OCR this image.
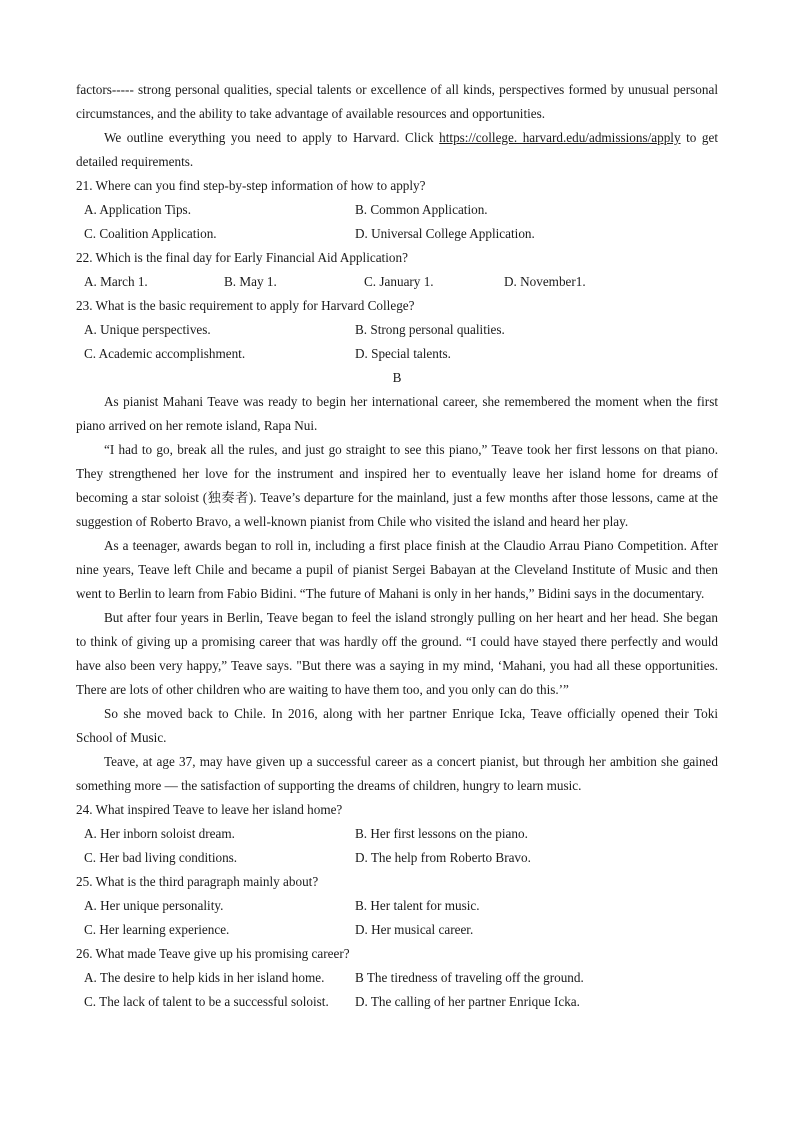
factors----- strong personal qualities, special talents or excellence of all kinds, perspectives formed by unusual personal circumstances, and the ability to take advantage of available resources and opportunities.

We outline everything you need to apply to Harvard. Click https://college. harvard.edu/admissions/apply to get detailed requirements.

21. Where can you find step-by-step information of how to apply?

A. Application Tips.	B. Common Application.
C. Coalition Application.	D. Universal College Application.

22. Which is the final day for Early Financial Aid Application?

A. March 1.	B. May 1.	C. January 1.	D. November1.

23. What is the basic requirement to apply for Harvard College?

A. Unique perspectives.	B. Strong personal qualities.
C. Academic accomplishment.	D. Special talents.

B

As pianist Mahani Teave was ready to begin her international career, she remembered the moment when the first piano arrived on her remote island, Rapa Nui.

“I had to go, break all the rules, and just go straight to see this piano,” Teave took her first lessons on that piano. They strengthened her love for the instrument and inspired her to eventually leave her island home for dreams of becoming a star soloist (独奏者). Teave’s departure for the mainland, just a few months after those lessons, came at the suggestion of Roberto Bravo, a well-known pianist from Chile who visited the island and heard her play.

As a teenager, awards began to roll in, including a first place finish at the Claudio Arrau Piano Competition. After nine years, Teave left Chile and became a pupil of pianist Sergei Babayan at the Cleveland Institute of Music and then went to Berlin to learn from Fabio Bidini. “The future of Mahani is only in her hands,” Bidini says in the documentary.

But after four years in Berlin, Teave began to feel the island strongly pulling on her heart and her head. She began to think of giving up a promising career that was hardly off the ground. “I could have stayed there perfectly and would have also been very happy,” Teave says. "But there was a saying in my mind, ‘Mahani, you had all these opportunities. There are lots of other children who are waiting to have them too, and you only can do this.’”

So she moved back to Chile. In 2016, along with her partner Enrique Icka, Teave officially opened their Toki School of Music.

Teave, at age 37, may have given up a successful career as a concert pianist, but through her ambition she gained something more — the satisfaction of supporting the dreams of children, hungry to learn music.

24. What inspired Teave to leave her island home?

A. Her inborn soloist dream.	B. Her first lessons on the piano.
C. Her bad living conditions.	D. The help from Roberto Bravo.

25. What is the third paragraph mainly about?

A. Her unique personality.	B. Her talent for music.
C. Her learning experience.	D. Her musical career.

26. What made Teave give up his promising career?

A. The desire to help kids in her island home.	B The tiredness of traveling off the ground.
C. The lack of talent to be a successful soloist.	D. The calling of her partner Enrique Icka.
